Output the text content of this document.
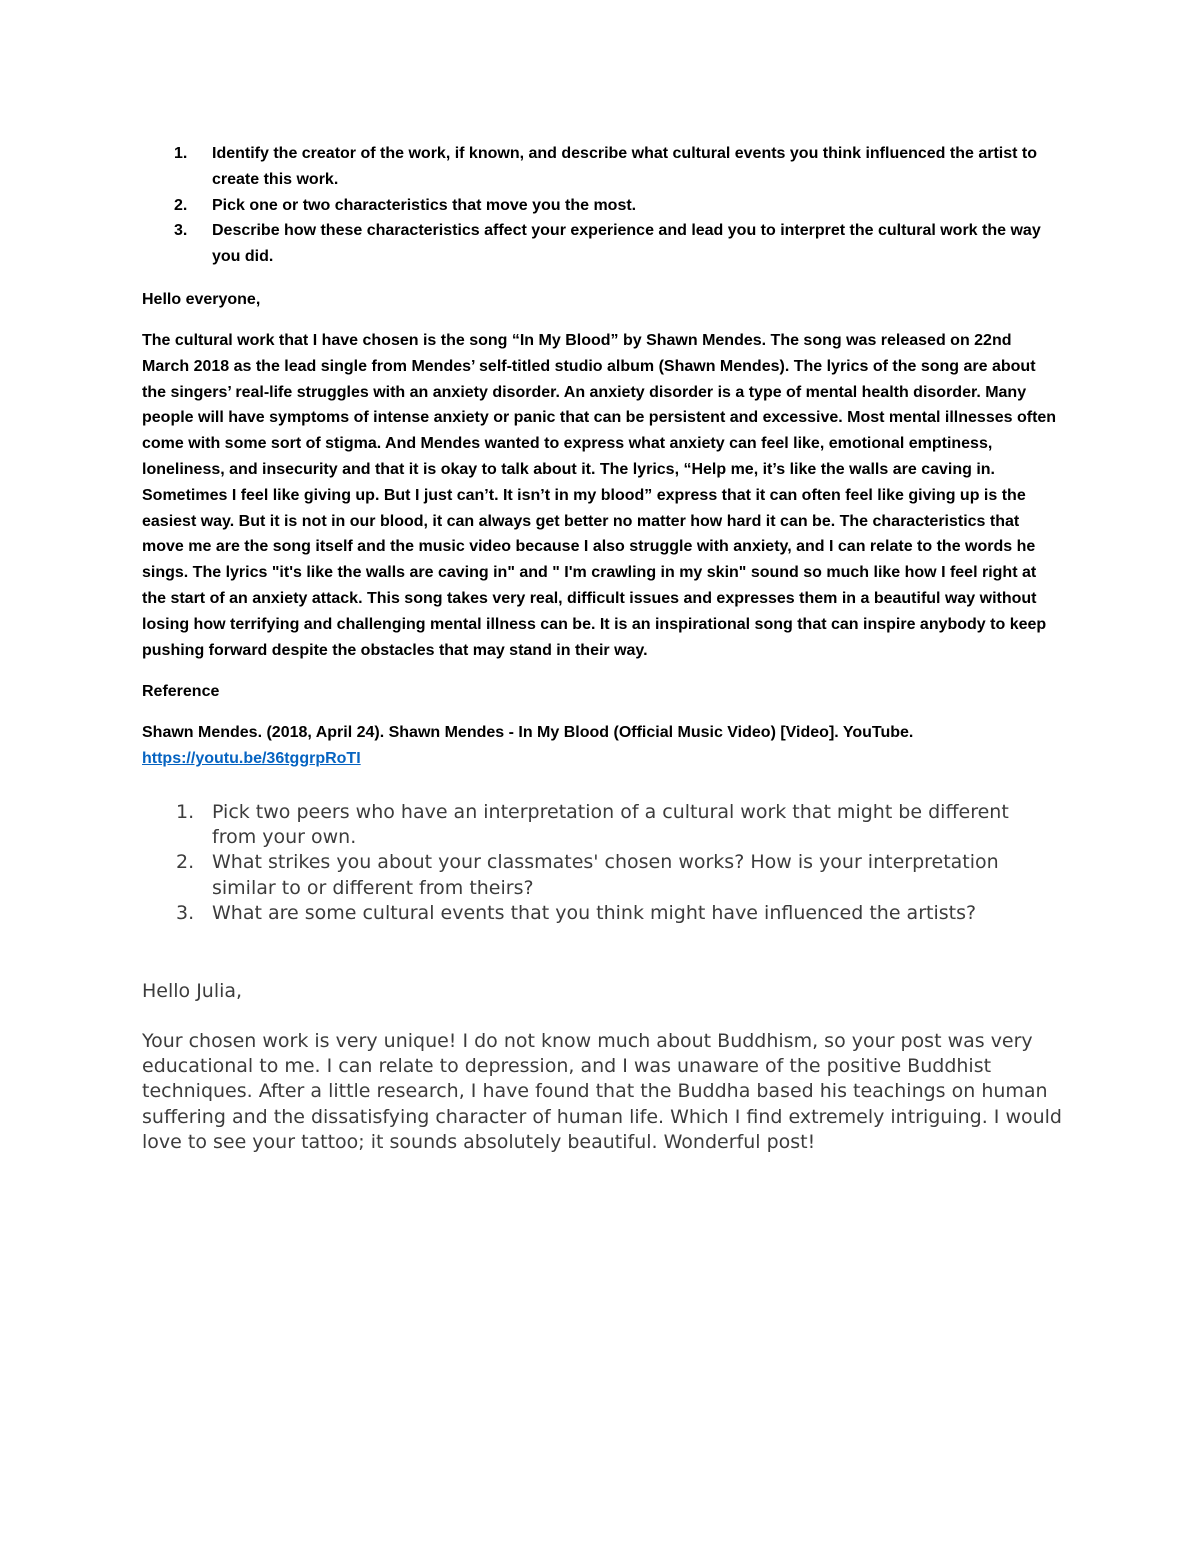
1. Identify the creator of the work, if known, and describe what cultural events you think influenced the artist to create this work.
2. Pick one or two characteristics that move you the most.
3. Describe how these characteristics affect your experience and lead you to interpret the cultural work the way you did.

Hello everyone,

The cultural work that I have chosen is the song “In My Blood” by Shawn Mendes. The song was released on 22nd March 2018 as the lead single from Mendes’ self-titled studio album (Shawn Mendes). The lyrics of the song are about the singers’ real-life struggles with an anxiety disorder. An anxiety disorder is a type of mental health disorder. Many people will have symptoms of intense anxiety or panic that can be persistent and excessive. Most mental illnesses often come with some sort of stigma. And Mendes wanted to express what anxiety can feel like, emotional emptiness, loneliness, and insecurity and that it is okay to talk about it. The lyrics, “Help me, it’s like the walls are caving in. Sometimes I feel like giving up. But I just can’t. It isn’t in my blood” express that it can often feel like giving up is the easiest way. But it is not in our blood, it can always get better no matter how hard it can be. The characteristics that move me are the song itself and the music video because I also struggle with anxiety, and I can relate to the words he sings. The lyrics "it's like the walls are caving in" and " I'm crawling in my skin" sound so much like how I feel right at the start of an anxiety attack. This song takes very real, difficult issues and expresses them in a beautiful way without losing how terrifying and challenging mental illness can be. It is an inspirational song that can inspire anybody to keep pushing forward despite the obstacles that may stand in their way.

Reference

Shawn Mendes. (2018, April 24). Shawn Mendes - In My Blood (Official Music Video) [Video]. YouTube.
https://youtu.be/36tggrpRoTI

1. Pick two peers who have an interpretation of a cultural work that might be different from your own.
2. What strikes you about your classmates' chosen works? How is your interpretation similar to or different from theirs?
3. What are some cultural events that you think might have influenced the artists?

Hello Julia,

Your chosen work is very unique! I do not know much about Buddhism, so your post was very educational to me. I can relate to depression, and I was unaware of the positive Buddhist techniques. After a little research, I have found that the Buddha based his teachings on human suffering and the dissatisfying character of human life. Which I find extremely intriguing. I would love to see your tattoo; it sounds absolutely beautiful. Wonderful post!
